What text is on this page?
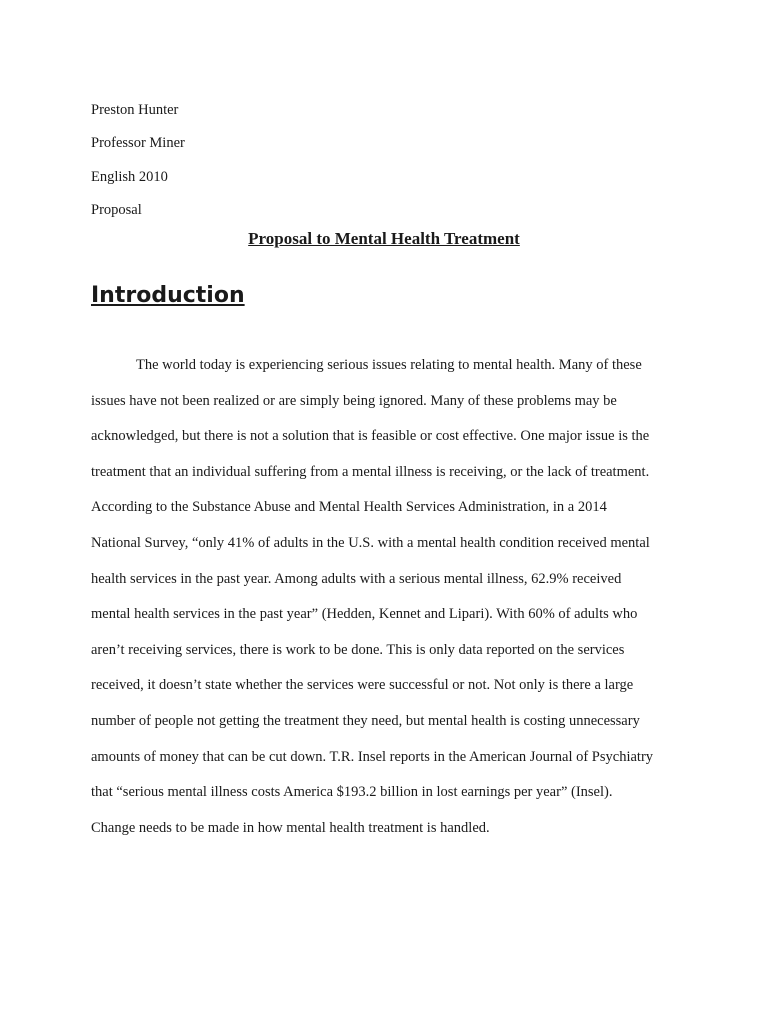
Preston Hunter
Professor Miner
English 2010
Proposal
Proposal to Mental Health Treatment
Introduction
The world today is experiencing serious issues relating to mental health. Many of these
issues have not been realized or are simply being ignored. Many of these problems may be
acknowledged, but there is not a solution that is feasible or cost effective. One major issue is the
treatment that an individual suffering from a mental illness is receiving, or the lack of treatment.
According to the Substance Abuse and Mental Health Services Administration, in a 2014
National Survey, “only 41% of adults in the U.S. with a mental health condition received mental
health services in the past year. Among adults with a serious mental illness, 62.9% received
mental health services in the past year” (Hedden, Kennet and Lipari). With 60% of adults who
aren’t receiving services, there is work to be done. This is only data reported on the services
received, it doesn’t state whether the services were successful or not. Not only is there a large
number of people not getting the treatment they need, but mental health is costing unnecessary
amounts of money that can be cut down. T.R. Insel reports in the American Journal of Psychiatry
that “serious mental illness costs America $193.2 billion in lost earnings per year” (Insel).
Change needs to be made in how mental health treatment is handled.
